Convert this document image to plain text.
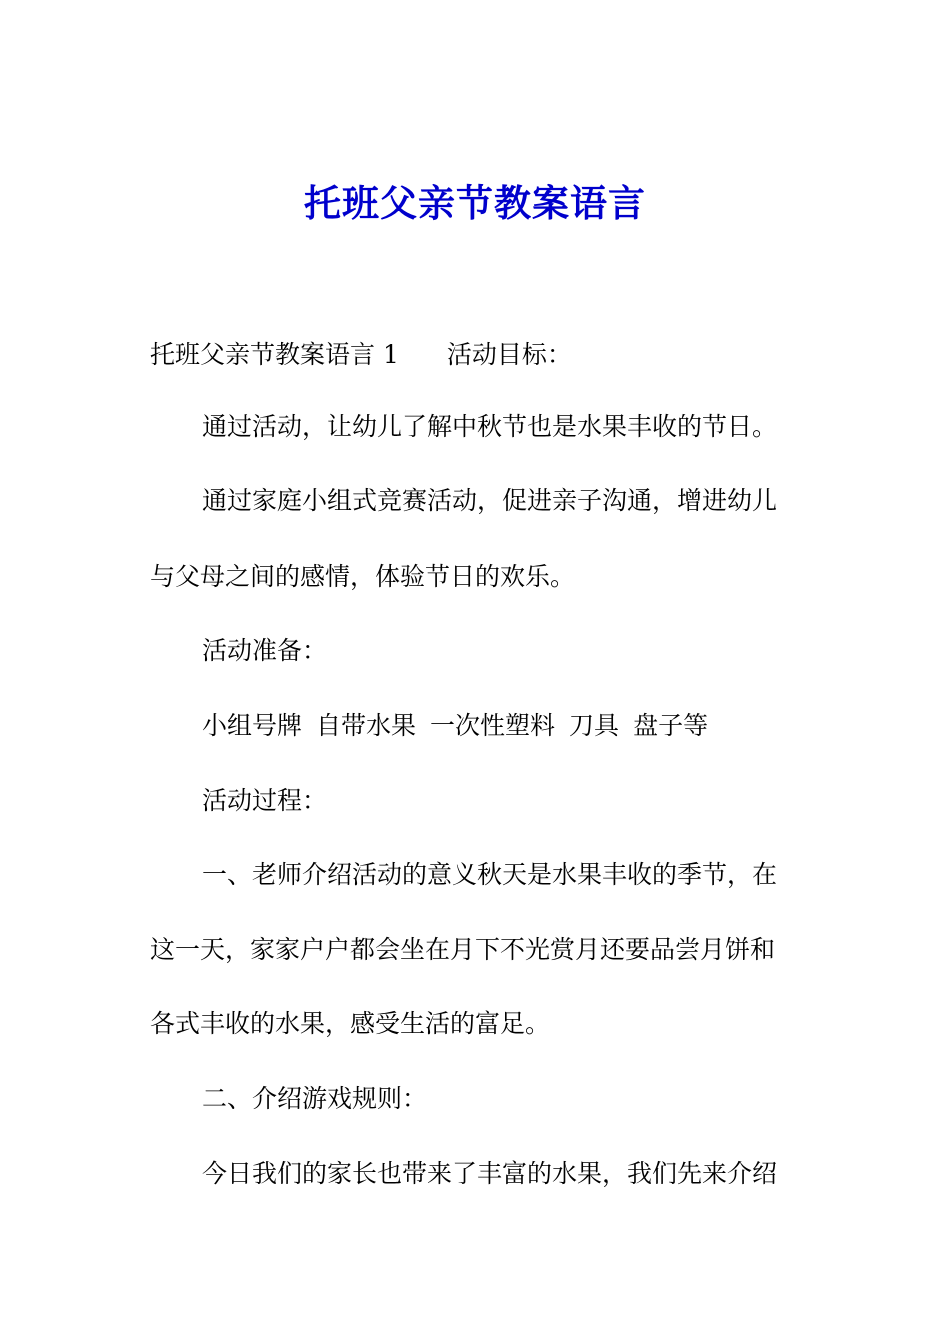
托班父亲节教案语言
托班父亲节教案语言 1 活动目标：
通过活动，让幼儿了解中秋节也是水果丰收的节日。
通过家庭小组式竞赛活动，促进亲子沟通，增进幼儿
与父母之间的感情，体验节日的欢乐。
活动准备：
小组号牌 自带水果 一次性塑料 刀具 盘子等
活动过程：
一、老师介绍活动的意义秋天是水果丰收的季节，在
这一天，家家户户都会坐在月下不光赏月还要品尝月饼和
各式丰收的水果，感受生活的富足。
二、介绍游戏规则：
今日我们的家长也带来了丰富的水果，我们先来介绍
